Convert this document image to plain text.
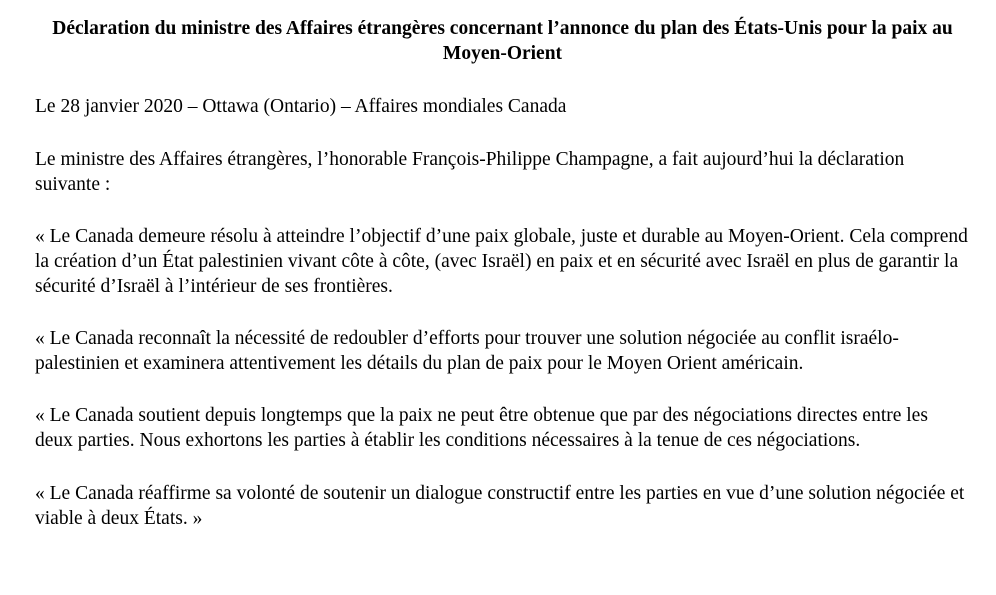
Déclaration du ministre des Affaires étrangères concernant l’annonce du plan des États-Unis pour la paix au Moyen-Orient

Le 28 janvier 2020 – Ottawa (Ontario) – Affaires mondiales Canada

Le ministre des Affaires étrangères, l’honorable François-Philippe Champagne, a fait aujourd’hui la déclaration suivante :

« Le Canada demeure résolu à atteindre l’objectif d’une paix globale, juste et durable au Moyen-Orient. Cela comprend la création d’un État palestinien vivant côte à côte, (avec Israël) en paix et en sécurité avec Israël en plus de garantir la sécurité d’Israël à l’intérieur de ses frontières.

« Le Canada reconnaît la nécessité de redoubler d’efforts pour trouver une solution négociée au conflit israélo-palestinien et examinera attentivement les détails du plan de paix pour le Moyen Orient américain.

« Le Canada soutient depuis longtemps que la paix ne peut être obtenue que par des négociations directes entre les deux parties. Nous exhortons les parties à établir les conditions nécessaires à la tenue de ces négociations.

« Le Canada réaffirme sa volonté de soutenir un dialogue constructif entre les parties en vue d’une solution négociée et viable à deux États. »
